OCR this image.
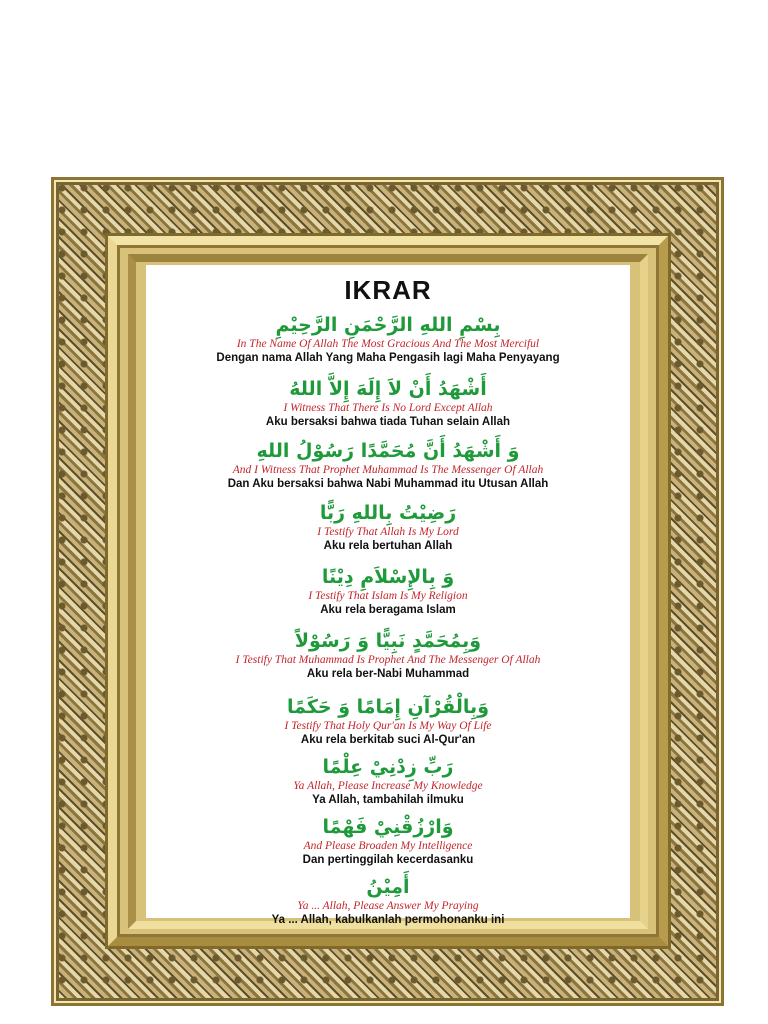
IKRAR
بِسْمِ اللهِ الرَّحْمَنِ الرَّحِيْمِ
In The Name Of Allah The Most Gracious And The Most Merciful
Dengan nama Allah Yang Maha Pengasih lagi Maha Penyayang
أَشْهَدُ أَنْ لاَ إِلَهَ إِلاَّ اللهُ
I Witness That There Is No Lord Except Allah
Aku bersaksi bahwa tiada Tuhan selain Allah
وَ أَشْهَدُ أَنَّ مُحَمَّدًا رَسُوْلُ اللهِ
And I Witness That Prophet Muhammad Is The Messenger Of Allah
Dan Aku bersaksi bahwa Nabi Muhammad itu Utusan Allah
رَضِيْتُ بِاللهِ رَبًّا
I Testify That Allah Is My Lord
Aku rela bertuhan Allah
وَ بِالإِسْلاَمِ دِيْنًا
I Testify That Islam Is My Religion
Aku rela beragama Islam
وَبِمُحَمَّدٍ نَبِيًّا وَ رَسُوْلاً
I Testify That Muhammad Is Prophet And The Messenger Of Allah
Aku rela ber-Nabi Muhammad
وَبِالْقُرْآنِ إِمَامًا وَ حَكَمًا
I Testify That Holy Qur'an Is My Way Of Life
Aku rela berkitab suci Al-Qur'an
رَبِّ زِدْنِيْ عِلْمًا
Ya Allah, Please Increase My Knowledge
Ya Allah, tambahilah ilmuku
وَارْزُقْنِيْ فَهْمًا
And Please Broaden My Intelligence
Dan pertinggilah kecerdasanku
أَمِيْنُ
Ya ... Allah, Please Answer My Praying
Ya ... Allah, kabulkanlah permohonanku ini
